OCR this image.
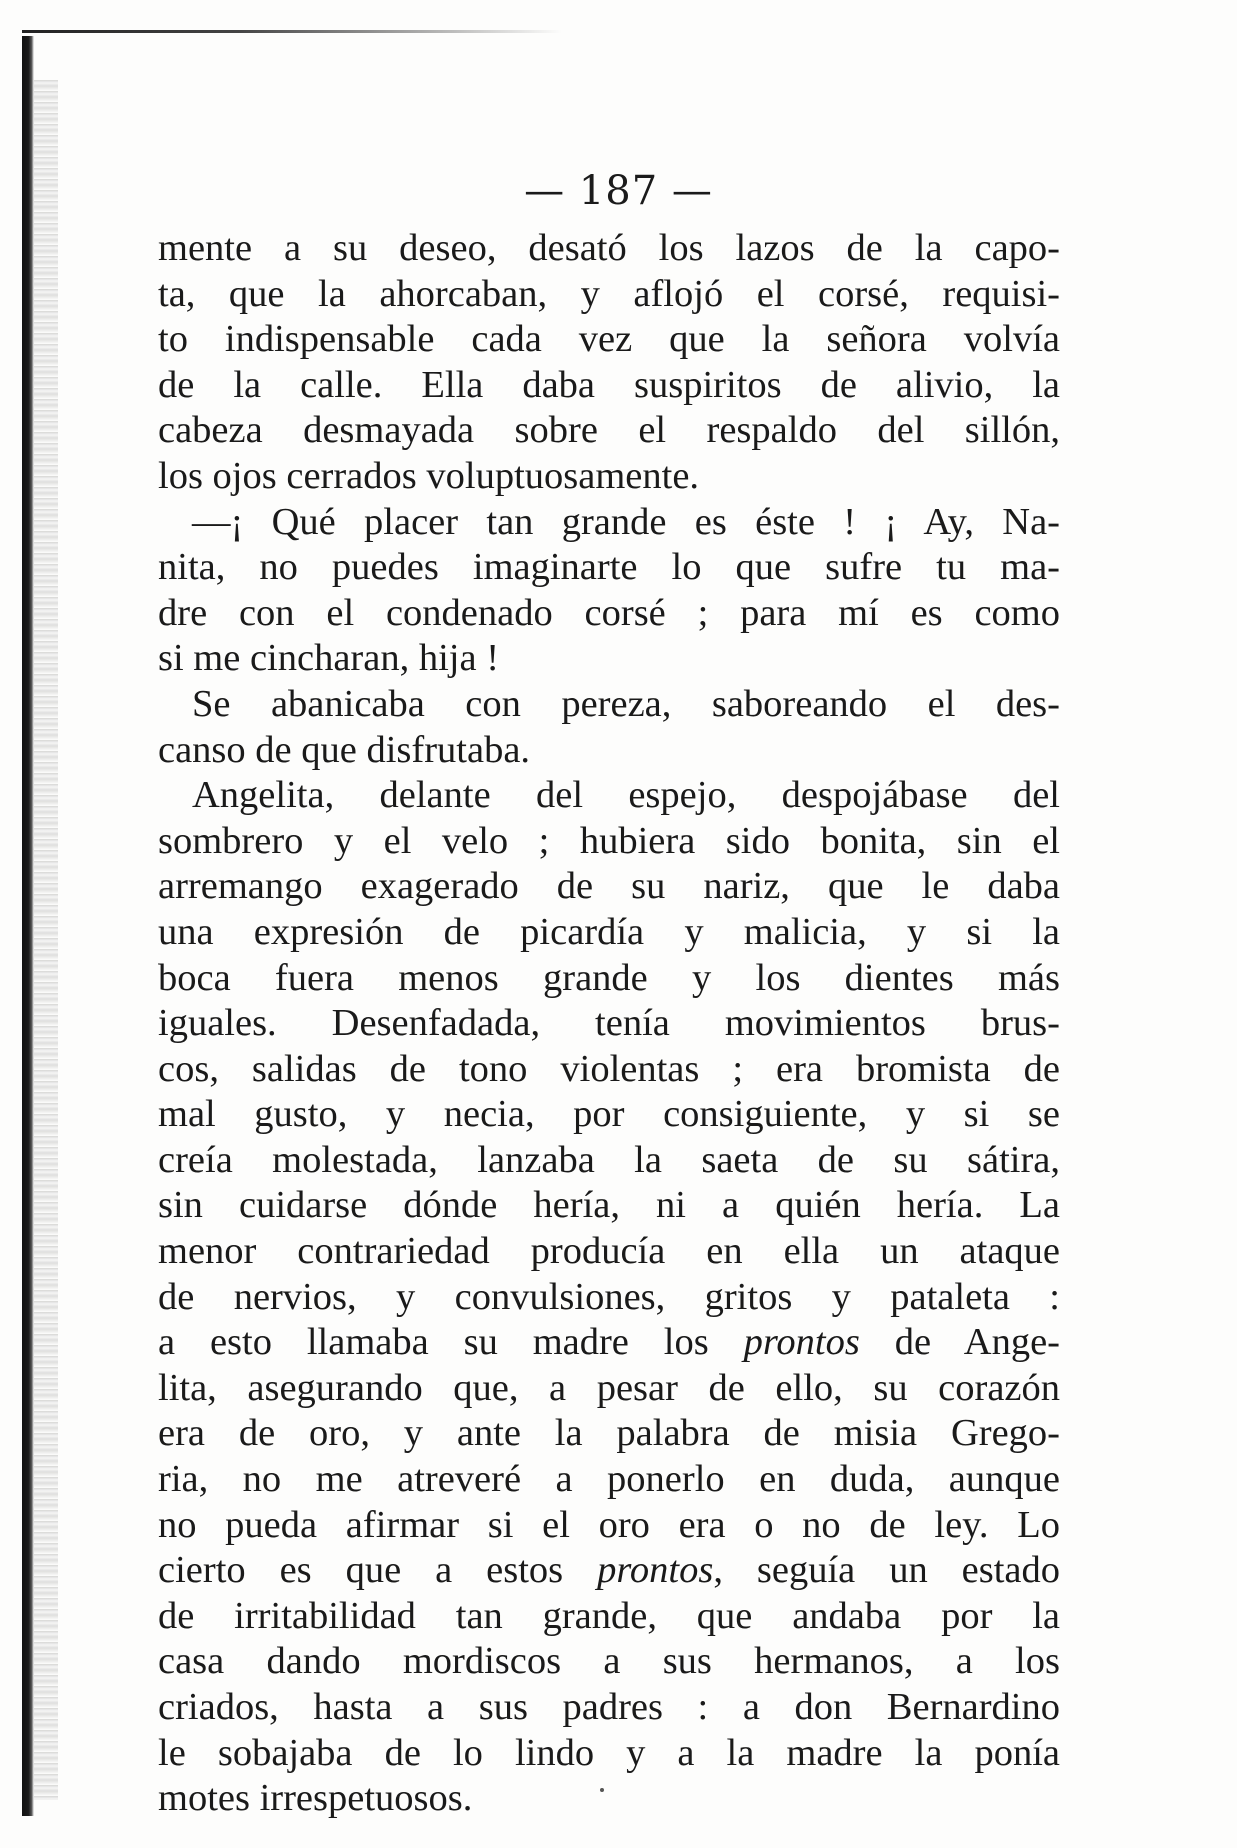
— 187 —
mente a su deseo, desató los lazos de la capo-
ta, que la ahorcaban, y aflojó el corsé, requisi-
to indispensable cada vez que la señora volvía
de la calle. Ella daba suspiritos de alivio, la
cabeza desmayada sobre el respaldo del sillón,
los ojos cerrados voluptuosamente.
—¡ Qué placer tan grande es éste ! ¡ Ay, Na-
nita, no puedes imaginarte lo que sufre tu ma-
dre con el condenado corsé ; para mí es como
si me cincharan, hija !
Se abanicaba con pereza, saboreando el des-
canso de que disfrutaba.
Angelita, delante del espejo, despojábase del
sombrero y el velo ; hubiera sido bonita, sin el
arremango exagerado de su nariz, que le daba
una expresión de picardía y malicia, y si la
boca fuera menos grande y los dientes más
iguales. Desenfadada, tenía movimientos brus-
cos, salidas de tono violentas ; era bromista de
mal gusto, y necia, por consiguiente, y si se
creía molestada, lanzaba la saeta de su sátira,
sin cuidarse dónde hería, ni a quién hería. La
menor contrariedad producía en ella un ataque
de nervios, y convulsiones, gritos y pataleta :
a esto llamaba su madre los prontos de Ange-
lita, asegurando que, a pesar de ello, su corazón
era de oro, y ante la palabra de misia Grego-
ria, no me atreveré a ponerlo en duda, aunque
no pueda afirmar si el oro era o no de ley. Lo
cierto es que a estos prontos, seguía un estado
de irritabilidad tan grande, que andaba por la
casa dando mordiscos a sus hermanos, a los
criados, hasta a sus padres : a don Bernardino
le sobajaba de lo lindo y a la madre la ponía
motes irrespetuosos.
